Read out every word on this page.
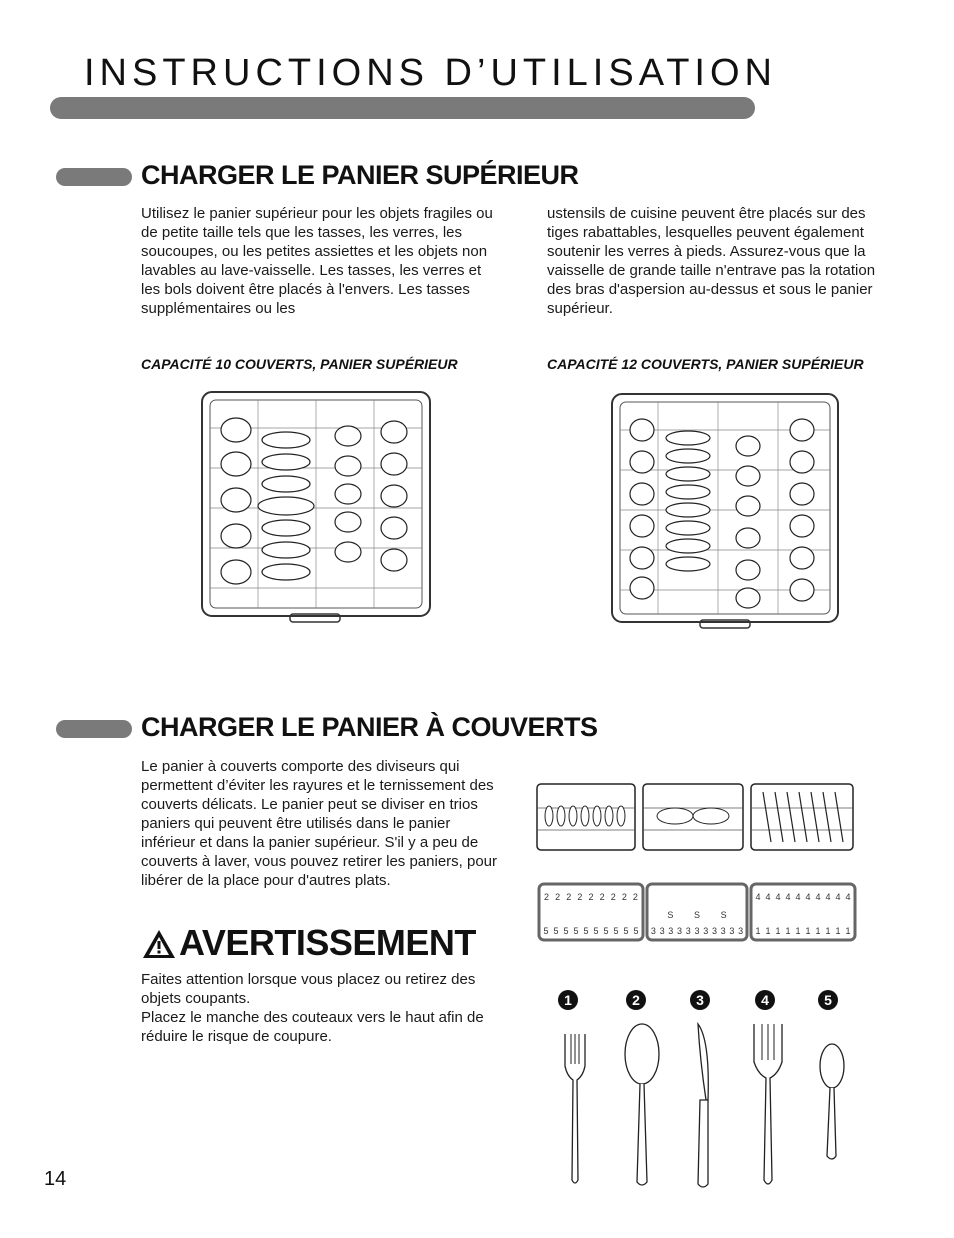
INSTRUCTIONS D’UTILISATION
CHARGER LE PANIER SUPÉRIEUR
Utilisez le panier supérieur pour les objets fragiles ou de petite taille tels que les tasses, les verres, les soucoupes, ou les petites assiettes et les objets non lavables au lave-vaisselle. Les tasses, les verres et les bols doivent être placés à l'envers. Les tasses supplémentaires ou les
ustensils de cuisine peuvent être placés sur des tiges rabattables, lesquelles peuvent également soutenir les verres à pieds. Assurez-vous que la vaisselle de grande taille n'entrave pas la rotation des bras d'aspersion au-dessus et sous le panier supérieur.
CAPACITÉ 10 COUVERTS, PANIER SUPÉRIEUR	CAPACITÉ 12 COUVERTS, PANIER SUPÉRIEUR
CHARGER LE PANIER À COUVERTS
Le panier à couverts comporte des diviseurs qui permettent d’éviter les rayures et le ternissement des couverts délicats. Le panier peut se diviser en trios paniers qui peuvent être utilisés dans le panier inférieur et dans la panier supérieur. S'il y a peu de couverts à laver, vous pouvez retirer les paniers, pour libérer de la place pour d'autres plats.
AVERTISSEMENT
Faites attention lorsque vous placez ou retirez des objets coupants.
Placez le manche des couteaux vers le haut afin de réduire le risque de coupure.
2 2 2 2 2 2 2 2 2
5 5 5 5 5 5 5 5 5 5
S S S
3 3 3 3 3 3 3 3 3 3 3
4 4 4 4 4 4 4 4 4 4
1 1 1 1 1 1 1 1 1 1
1	2	3	4	5
14
